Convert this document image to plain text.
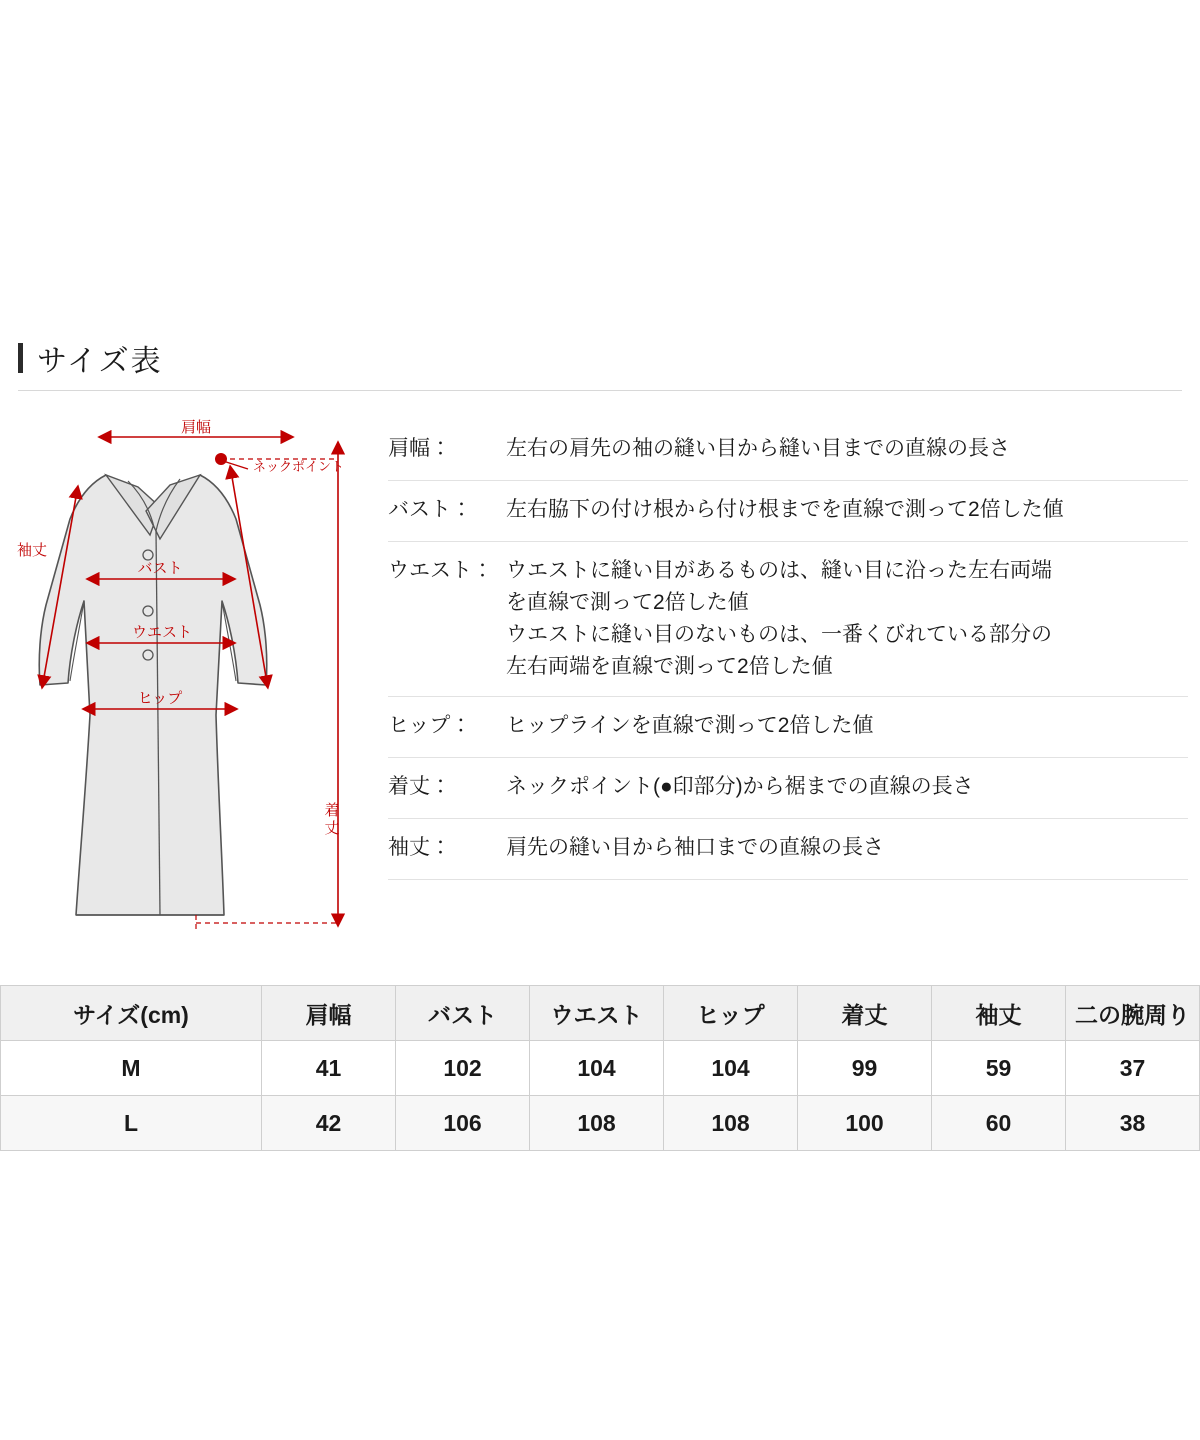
サイズ表
肩幅
ネックポイント
袖丈
バスト
ウエスト
ヒップ
着
丈
肩幅：	左右の肩先の袖の縫い目から縫い目までの直線の長さ
バスト：	左右脇下の付け根から付け根までを直線で測って2倍した値
ウエスト： ウエストに縫い目があるものは、縫い目に沿った左右両端
を直線で測って2倍した値
ウエストに縫い目のないものは、一番くびれている部分の
左右両端を直線で測って2倍した値
ヒップ：	ヒップラインを直線で測って2倍した値
着丈：	ネックポイント(●印部分)から裾までの直線の長さ
袖丈：	肩先の縫い目から袖口までの直線の長さ
サイズ(cm)	肩幅	バスト	ウエスト	ヒップ	着丈	袖丈	二の腕周り
M	41	102	104	104	99	59	37
L	42	106	108	108	100	60	38
